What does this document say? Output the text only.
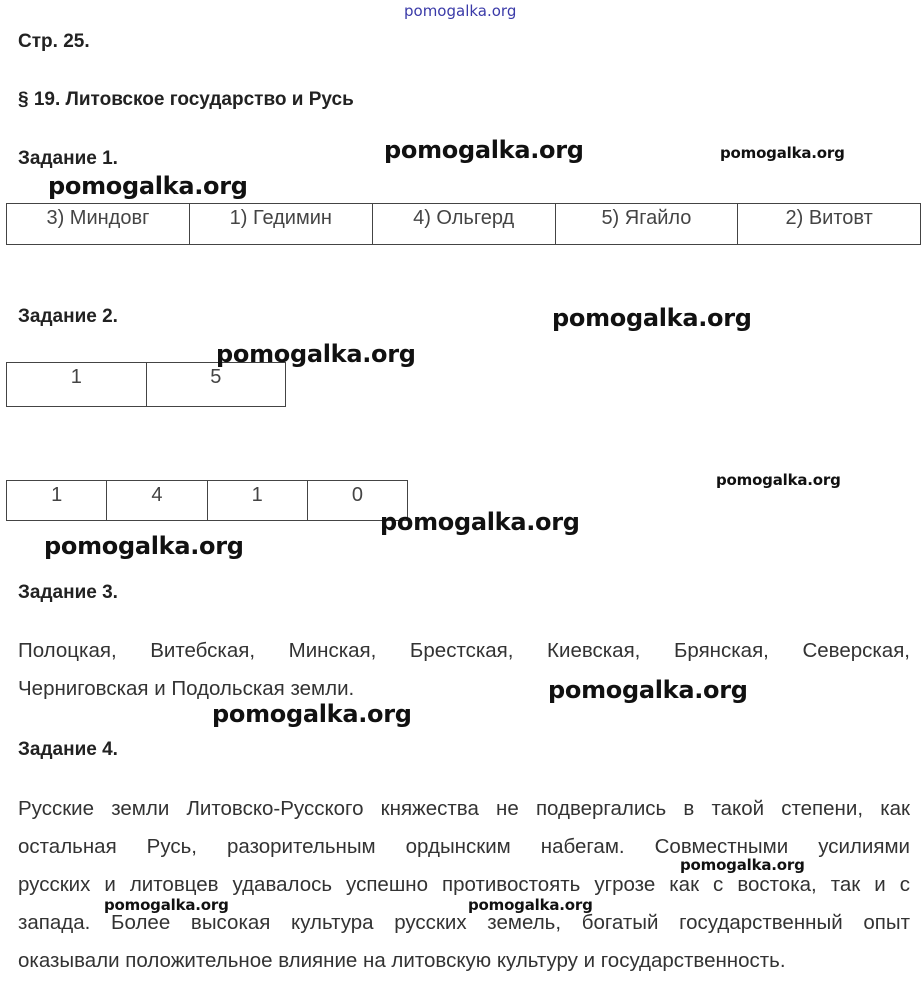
pomogalka.org
Стр. 25.
§ 19. Литовское государство и Русь
Задание 1.
3) Миндовг	1) Гедимин	4) Ольгерд	5) Ягайло	2) Витовт
Задание 2.
1	5
1	4	1	0
Задание 3.
Полоцкая, Витебская, Минская, Брестская, Киевская, Брянская, Северская,
Черниговская и Подольская земли.
Задание 4.
Русские земли Литовско-Русского княжества не подвергались в такой степени, как
остальная Русь, разорительным ордынским набегам. Совместными усилиями
русских и литовцев удавалось успешно противостоять угрозе как с востока, так и с
запада. Более высокая культура русских земель, богатый государственный опыт
оказывали положительное влияние на литовскую культуру и государственность.
pomogalka.org	pomogalka.org
pomogalka.org
pomogalka.org
pomogalka.org
pomogalka.org
pomogalka.org
pomogalka.org
pomogalka.org
pomogalka.org
pomogalka.org
pomogalka.org	pomogalka.org
